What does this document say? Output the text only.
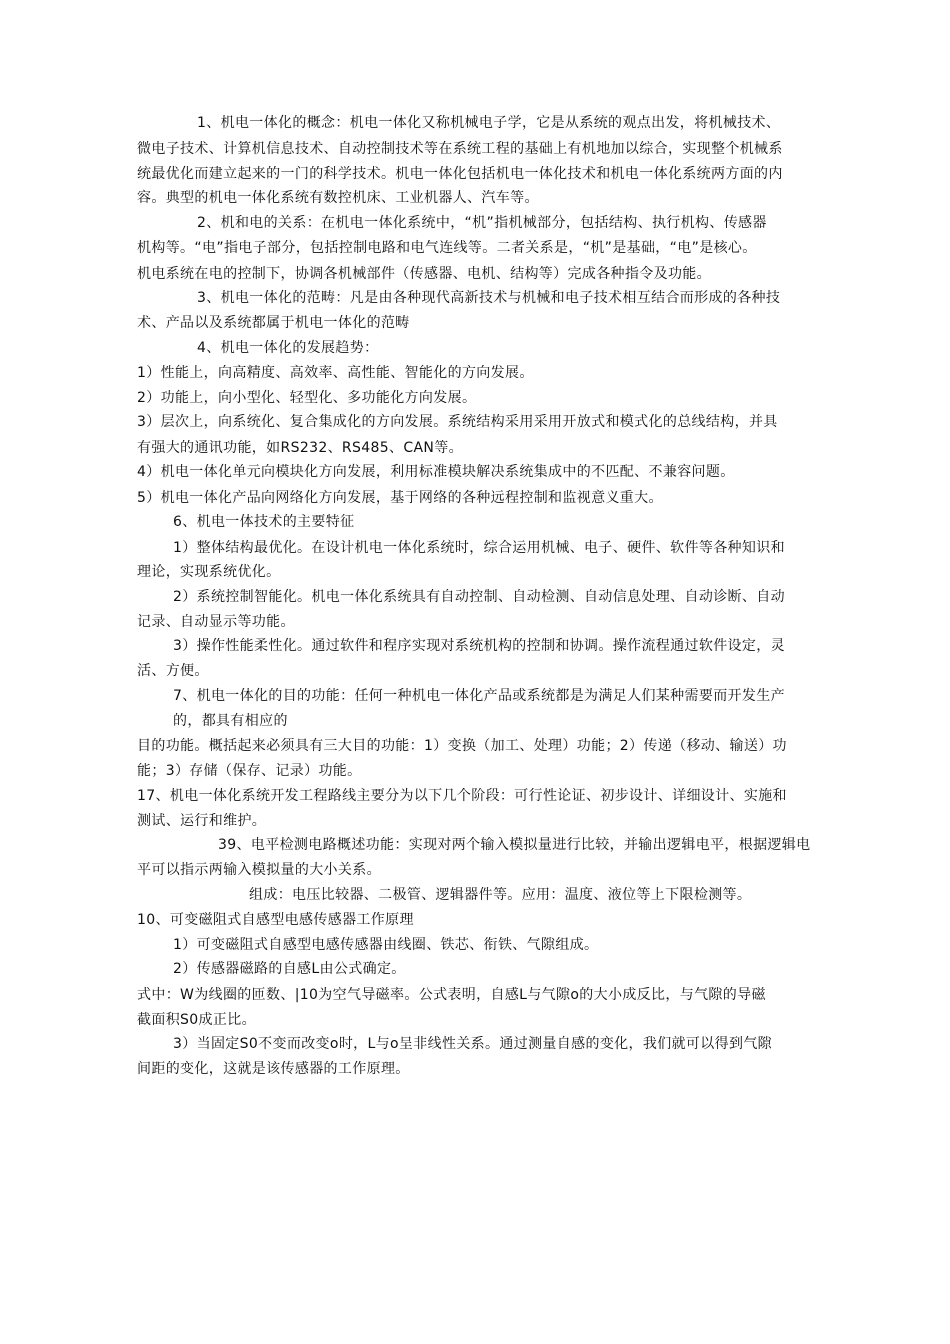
1、机电一体化的概念：机电一体化又称机械电子学，它是从系统的观点出发，将机械技术、
微电子技术、计算机信息技术、自动控制技术等在系统工程的基础上有机地加以综合，实现整个机械系
统最优化而建立起来的一门的科学技术。机电一体化包括机电一体化技术和机电一体化系统两方面的内
容。典型的机电一体化系统有数控机床、工业机器人、汽车等。
2、机和电的关系：在机电一体化系统中，“机”指机械部分，包括结构、执行机构、传感器
机构等。“电”指电子部分，包括控制电路和电气连线等。二者关系是，“机”是基础，“电”是核心。
机电系统在电的控制下，协调各机械部件（传感器、电机、结构等）完成各种指令及功能。
3、机电一体化的范畴：凡是由各种现代高新技术与机械和电子技术相互结合而形成的各种技
术、产品以及系统都属于机电一体化的范畴
4、机电一体化的发展趋势：
1）性能上，向高精度、高效率、高性能、智能化的方向发展。
2）功能上，向小型化、轻型化、多功能化方向发展。
3）层次上，向系统化、复合集成化的方向发展。系统结构采用采用开放式和模式化的总线结构，并具
有强大的通讯功能，如RS232、RS485、CAN等。
4）机电一体化单元向模块化方向发展，利用标准模块解决系统集成中的不匹配、不兼容问题。
5）机电一体化产品向网络化方向发展，基于网络的各种远程控制和监视意义重大。
6、机电一体技术的主要特征
1）整体结构最优化。在设计机电一体化系统时，综合运用机械、电子、硬件、软件等各种知识和
理论，实现系统优化。
2）系统控制智能化。机电一体化系统具有自动控制、自动检测、自动信息处理、自动诊断、自动
记录、自动显示等功能。
3）操作性能柔性化。通过软件和程序实现对系统机构的控制和协调。操作流程通过软件设定，灵
活、方便。
7、机电一体化的目的功能：任何一种机电一体化产品或系统都是为满足人们某种需要而开发生产
的，都具有相应的
目的功能。概括起来必须具有三大目的功能：1）变换（加工、处理）功能；2）传递（移动、输送）功
能；3）存储（保存、记录）功能。
17、机电一体化系统开发工程路线主要分为以下几个阶段：可行性论证、初步设计、详细设计、实施和
测试、运行和维护。
39、电平检测电路概述功能：实现对两个输入模拟量进行比较，并输出逻辑电平，根据逻辑电
平可以指示两输入模拟量的大小关系。
组成：电压比较器、二极管、逻辑器件等。应用：温度、液位等上下限检测等。
10、可变磁阻式自感型电感传感器工作原理
1）可变磁阻式自感型电感传感器由线圈、铁芯、衔铁、气隙组成。
2）传感器磁路的自感L由公式确定。
式中：W为线圈的匝数、|10为空气导磁率。公式表明，自感L与气隙o的大小成反比，与气隙的导磁
截面积S0成正比。
3）当固定S0不变而改变o时，L与o呈非线性关系。通过测量自感的变化，我们就可以得到气隙
间距的变化，这就是该传感器的工作原理。
